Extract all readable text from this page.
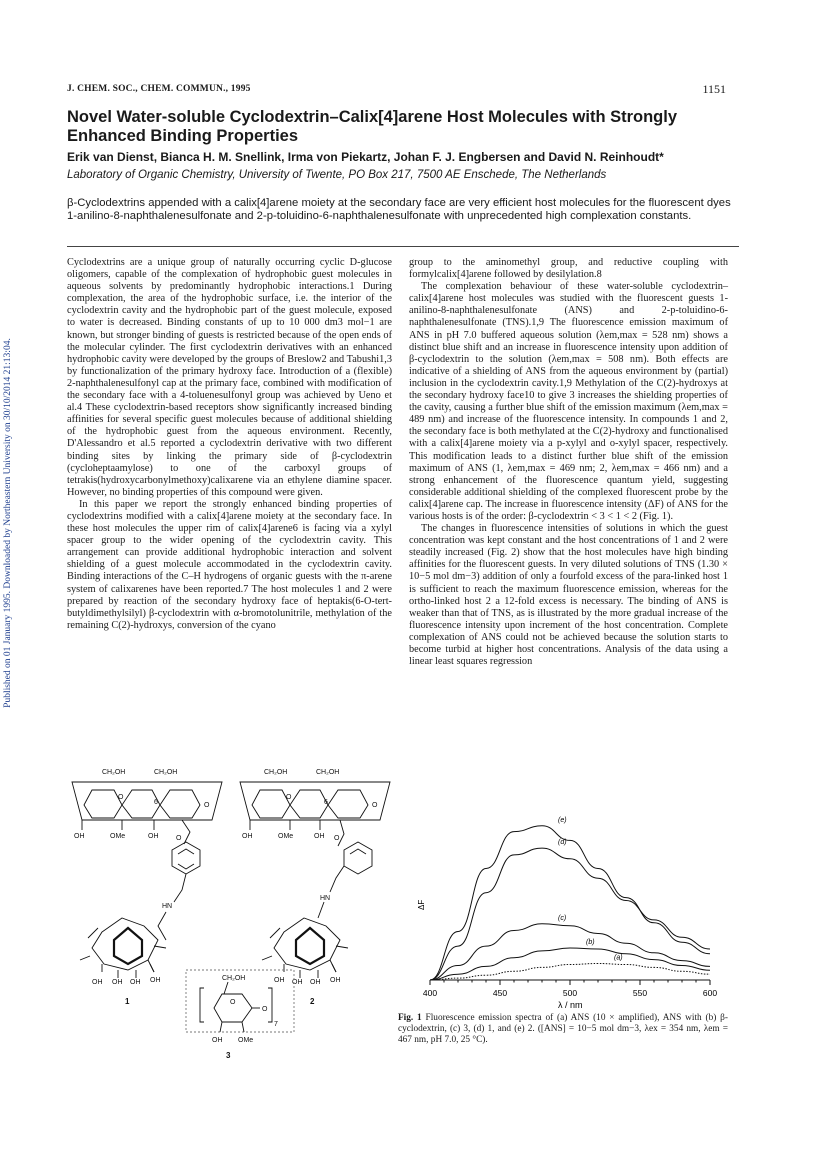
Published on 01 January 1995. Downloaded by Northeastern University on 30/10/2014 21:13:04.
J. CHEM. SOC., CHEM. COMMUN., 1995	1151
Novel Water-soluble Cyclodextrin–Calix[4]arene Host Molecules with Strongly Enhanced Binding Properties
Erik van Dienst, Bianca H. M. Snellink, Irma von Piekartz, Johan F. J. Engbersen and David N. Reinhoudt*
Laboratory of Organic Chemistry, University of Twente, PO Box 217, 7500 AE Enschede, The Netherlands
β-Cyclodextrins appended with a calix[4]arene moiety at the secondary face are very efficient host molecules for the fluorescent dyes 1-anilino-8-naphthalenesulfonate and 2-p-toluidino-6-naphthalenesulfonate with unprecedented high complexation constants.

Cyclodextrins are a unique group of naturally occurring cyclic D-glucose oligomers, capable of the complexation of hydrophobic guest molecules in aqueous solvents by predominantly hydrophobic interactions.1 During complexation, the area of the hydrophobic surface, i.e. the interior of the cyclodextrin cavity and the hydrophobic part of the guest molecule, exposed to water is decreased. Binding constants of up to 10 000 dm3 mol−1 are known, but stronger binding of guests is restricted because of the open ends of the molecular cylinder. The first cyclodextrin derivatives with an enhanced hydrophobic cavity were developed by the groups of Breslow2 and Tabushi1,3 by functionalization of the primary hydroxy face. Introduction of a (flexible) 2-naphthalenesulfonyl cap at the primary face, combined with modification of the secondary face with a 4-toluenesulfonyl group was achieved by Ueno et al.4 These cyclodextrin-based receptors show significantly increased binding affinities for several specific guest molecules because of additional shielding of the hydrophobic guest from the aqueous environment. Recently, D'Alessandro et al.5 reported a cyclodextrin derivative with two different binding sites by linking the primary side of β-cyclodextrin (cycloheptaamylose) to one of the carboxyl groups of tetrakis(hydroxycarbonylmethoxy)calixarene via an ethylene diamine spacer. However, no binding properties of this compound were given.

In this paper we report the strongly enhanced binding properties of cyclodextrins modified with a calix[4]arene moiety at the secondary face. In these host molecules the upper rim of calix[4]arene6 is facing via a xylyl spacer group to the wider opening of the cyclodextrin cavity. This arrangement can provide additional hydrophobic interaction and solvent shielding of a guest molecule accommodated in the cyclodextrin cavity. Binding interactions of the C–H hydrogens of organic guests with the π-arene system of calixarenes have been reported.7 The host molecules 1 and 2 were prepared by reaction of the secondary hydroxy face of heptakis(6-O-tert-butyldimethylsilyl) β-cyclodextrin with α-bromotolunitrile, methylation of the remaining C(2)-hydroxys, conversion of the cyano

group to the aminomethyl group, and reductive coupling with formylcalix[4]arene followed by desilylation.8

The complexation behaviour of these water-soluble cyclodextrin–calix[4]arene host molecules was studied with the fluorescent guests 1-anilino-8-naphthalenesulfonate (ANS) and 2-p-toluidino-6-naphthalenesulfonate (TNS).1,9 The fluorescence emission maximum of ANS in pH 7.0 buffered aqueous solution (λem,max = 528 nm) shows a distinct blue shift and an increase in fluorescence intensity upon addition of β-cyclodextrin to the solution (λem,max = 508 nm). Both effects are indicative of a shielding of ANS from the aqueous environment by (partial) inclusion in the cyclodextrin cavity.1,9 Methylation of the C(2)-hydroxys at the secondary hydroxy face10 to give 3 increases the shielding properties of the cavity, causing a further blue shift of the emission maximum (λem,max = 489 nm) and increase of the fluorescence intensity. In compounds 1 and 2, the secondary face is both methylated at the C(2)-hydroxy and functionalised with a calix[4]arene moiety via a p-xylyl and o-xylyl spacer, respectively. This modification leads to a distinct further blue shift of the emission maximum of ANS (1, λem,max = 469 nm; 2, λem,max = 466 nm) and a strong enhancement of the fluorescence quantum yield, suggesting considerable additional shielding of the complexed fluorescent probe by the calix[4]arene cap. The increase in fluorescence intensity (ΔF) of ANS for the various hosts is of the order: β-cyclodextrin < 3 < 1 < 2 (Fig. 1).

The changes in fluorescence intensities of solutions in which the guest concentration was kept constant and the host concentrations of 1 and 2 were steadily increased (Fig. 2) show that the host molecules have high binding affinities for the fluorescent guests. In very diluted solutions of TNS (1.30 × 10−5 mol dm−3) addition of only a fourfold excess of the para-linked host 1 is sufficient to reach the maximum fluorescence emission, whereas for the ortho-linked host 2 a 12-fold excess is necessary. The binding of ANS is weaker than that of TNS, as is illustrated by the more gradual increase of the fluorescence intensity upon increment of the host concentration. Complete complexation of ANS could not be achieved because the solution starts to become turbid at higher host concentrations. Analysis of the data using a linear least squares regression

CH₂OH	CH₂OH
6
O
O
OH	OMe	OH	O
HN
OH OH OH OH
1
CH₂OH	CH₂OH
6
O
O
OH	OMe	OH O
HN
OH OH OH OH
2
CH₂OH
O
O
7
OH OMe
3
(a)
(b)
(c)
(d)
(e)
400	450	500	550	600
ΔF
λ / nm
Fig. 1 Fluorescence emission spectra of (a) ANS (10 × amplified), ANS with (b) β-cyclodextrin, (c) 3, (d) 1, and (e) 2. ([ANS] = 10−5 mol dm−3, λex = 354 nm, λem = 467 nm, pH 7.0, 25 °C).
